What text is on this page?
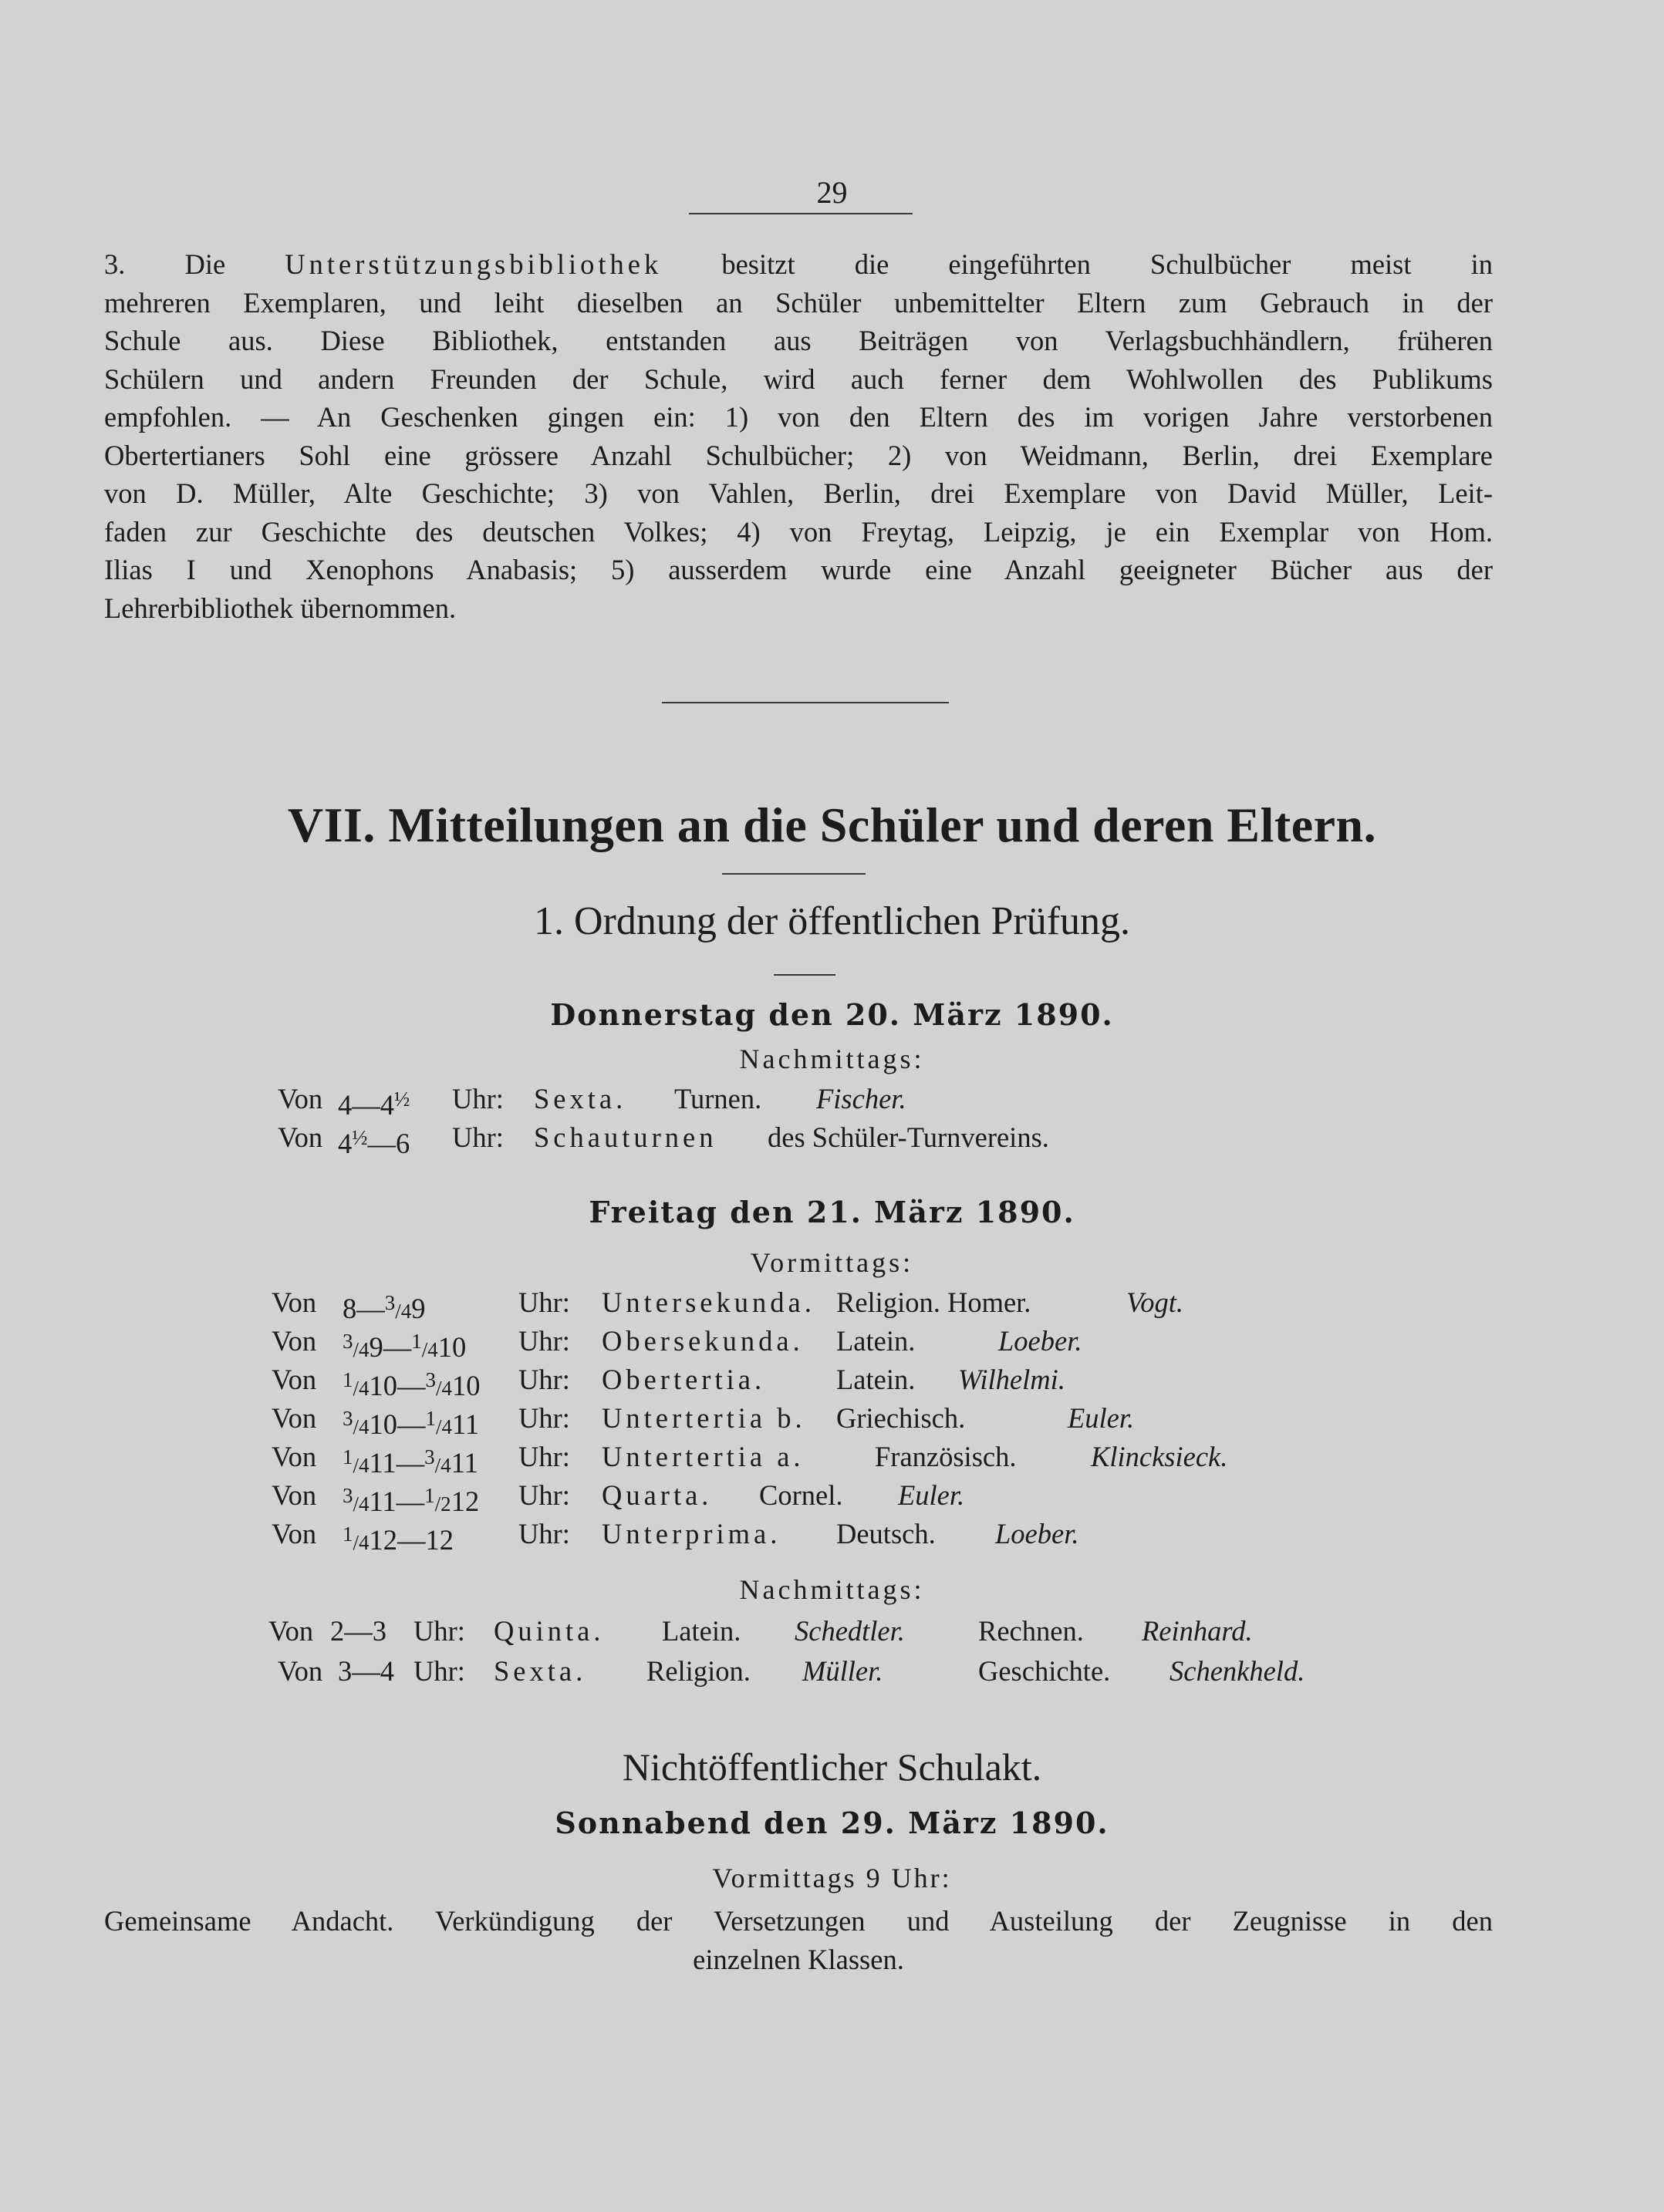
29
3. Die Unterstützungsbibliothek besitzt die eingeführten Schulbücher meist in
mehreren Exemplaren, und leiht dieselben an Schüler unbemittelter Eltern zum Gebrauch in der
Schule aus. Diese Bibliothek, entstanden aus Beiträgen von Verlagsbuchhändlern, früheren
Schülern und andern Freunden der Schule, wird auch ferner dem Wohlwollen des Publikums
empfohlen. — An Geschenken gingen ein: 1) von den Eltern des im vorigen Jahre verstorbenen
Obertertianers Sohl eine grössere Anzahl Schulbücher; 2) von Weidmann, Berlin, drei Exemplare
von D. Müller, Alte Geschichte; 3) von Vahlen, Berlin, drei Exemplare von David Müller, Leit-
faden zur Geschichte des deutschen Volkes; 4) von Freytag, Leipzig, je ein Exemplar von Hom.
Ilias I und Xenophons Anabasis; 5) ausserdem wurde eine Anzahl geeigneter Bücher aus der
Lehrerbibliothek übernommen.
VII. Mitteilungen an die Schüler und deren Eltern.
1. Ordnung der öffentlichen Prüfung.
Donnerstag den 20. März 1890.
Nachmittags:
Von $4—4^{\frac{1}{2}}$ Uhr: Sexta. Turnen. Fischer.
Von $4^{\frac{1}{2}}—6$ Uhr: Schauturnen des Schüler-Turnvereins.
Freitag den 21. März 1890.
Vormittags:
Von 8—$^3$/49	Uhr: Untersekunda. Religion. Homer.	Vogt.
Von $^3$/49—$^1$/410 Uhr: Obersekunda. Latein.	Loeber.
Von $^1$/410—$^3$/410 Uhr: Obertertia.	Latein. Wilhelmi.
Von $^3$/410—$^1$/411 Uhr: Untertertia b. Griechisch.	Euler.
Von $^1$/411—$^3$/411 Uhr: Untertertia a.	Französisch.	Klincksieck.
Von $^3$/411—$^1$/212 Uhr: Quarta. Cornel. Euler.
Von $^1$/412—12 Uhr: Unterprima. Deutsch. Loeber.
Nachmittags:
Von 2—3 Uhr: Quinta. Latein. Schedtler.	Rechnen. Reinhard.
Von 3—4 Uhr: Sexta. Religion. Müller.	Geschichte. Schenkheld.
Nichtöffentlicher Schulakt.
Sonnabend den 29. März 1890.
Vormittags 9 Uhr:
Gemeinsame Andacht. Verkündigung der Versetzungen und Austeilung der Zeugnisse in den
einzelnen Klassen.
